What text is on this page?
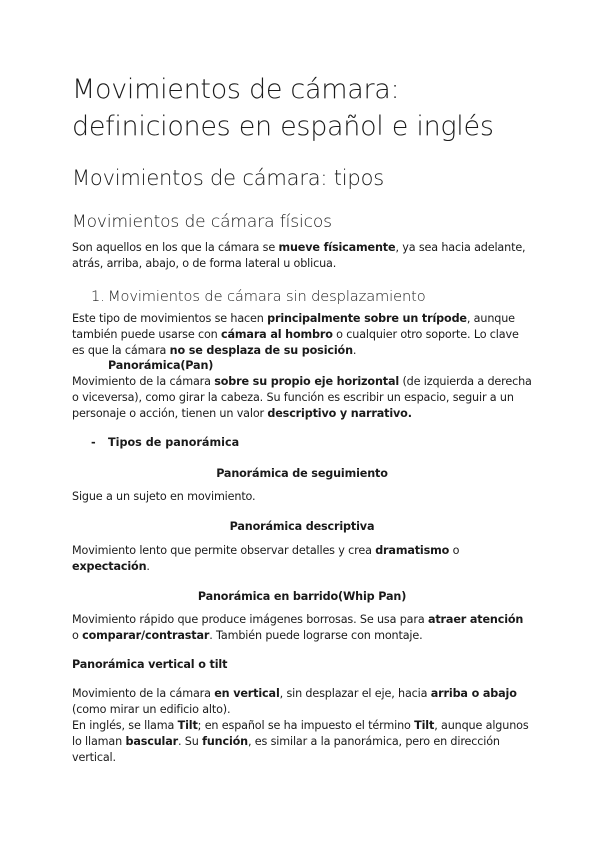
Movimientos de cámara: definiciones en español e inglés
Movimientos de cámara: tipos
Movimientos de cámara físicos
Son aquellos en los que la cámara se mueve físicamente, ya sea hacia adelante, atrás, arriba, abajo, o de forma lateral u oblicua.
1. Movimientos de cámara sin desplazamiento
Este tipo de movimientos se hacen principalmente sobre un trípode, aunque también puede usarse con cámara al hombro o cualquier otro soporte. Lo clave es que la cámara no se desplaza de su posición.
Panorámica(Pan)
Movimiento de la cámara sobre su propio eje horizontal (de izquierda a derecha o viceversa), como girar la cabeza. Su función es escribir un espacio, seguir a un personaje o acción, tienen un valor descriptivo y narrativo.
- Tipos de panorámica
Panorámica de seguimiento
Sigue a un sujeto en movimiento.
Panorámica descriptiva
Movimiento lento que permite observar detalles y crea dramatismo o expectación.
Panorámica en barrido(Whip Pan)
Movimiento rápido que produce imágenes borrosas. Se usa para atraer atención o comparar/contrastar. También puede lograrse con montaje.
Panorámica vertical o tilt
Movimiento de la cámara en vertical, sin desplazar el eje, hacia arriba o abajo (como mirar un edificio alto).
En inglés, se llama Tilt; en español se ha impuesto el término Tilt, aunque algunos lo llaman bascular. Su función, es similar a la panorámica, pero en dirección vertical.
